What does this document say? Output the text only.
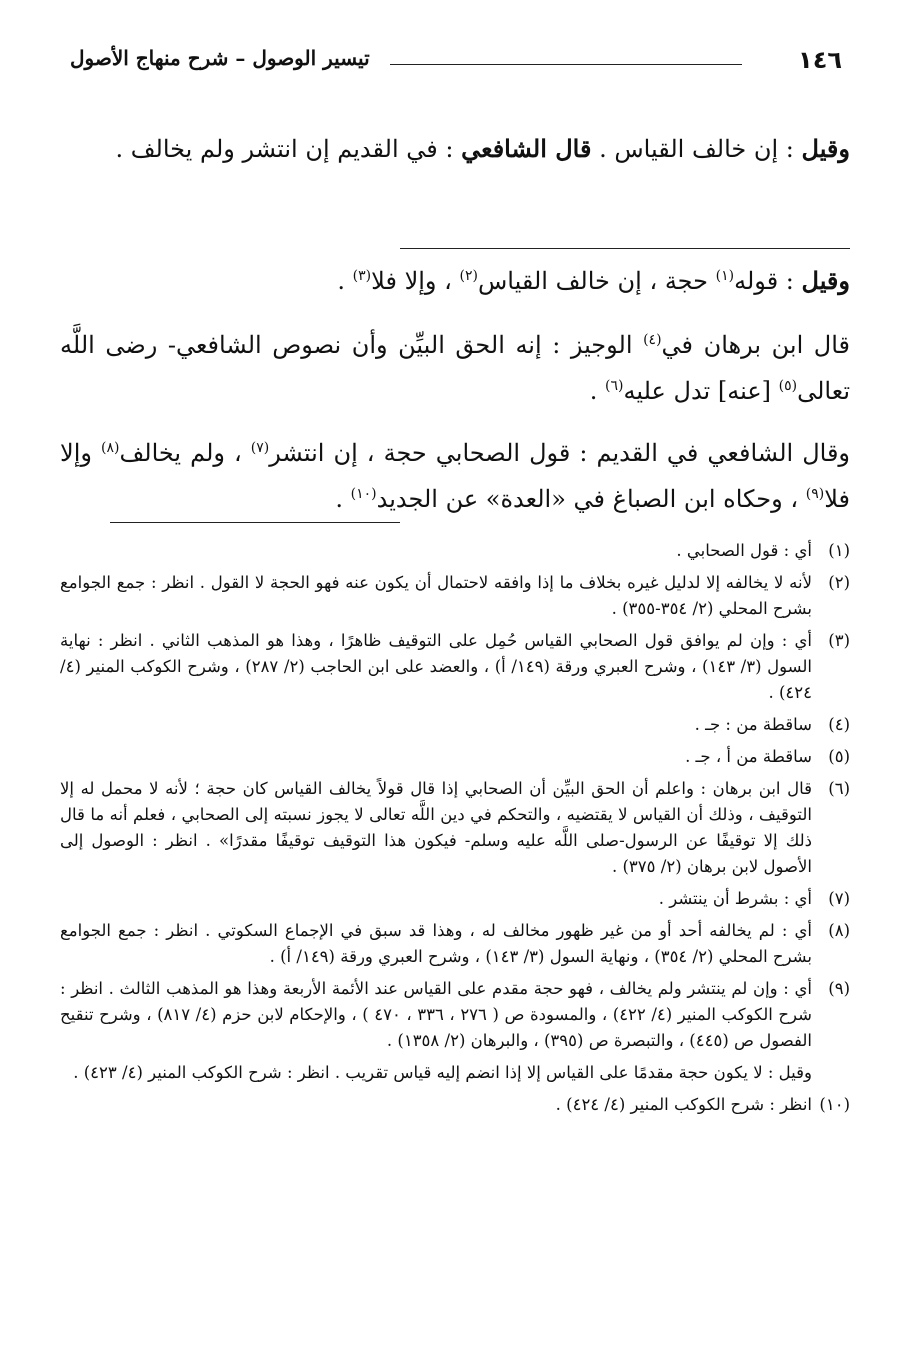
١٤٦
تيسير الوصول – شرح منهاج الأصول

وقيل : إن خالف القياس . قال الشافعي : في القديم إن انتشر ولم يخالف .

وقيل : قوله$^{(١)}$ حجة ، إن خالف القياس$^{(٢)}$ ، وإلا فلا$^{(٣)}$ .

قال ابن برهان في$^{(٤)}$ الوجيز : إنه الحق البيِّن وأن نصوص الشافعي- رضى اللَّه تعالى$^{(٥)}$ [عنه] تدل عليه$^{(٦)}$ .

وقال الشافعي في القديم : قول الصحابي حجة ، إن انتشر$^{(٧)}$ ، ولم يخالف$^{(٨)}$ وإلا فلا$^{(٩)}$ ، وحكاه ابن الصباغ في «العدة» عن الجديد$^{(١٠)}$ .

(١)
أي : قول الصحابي .
(٢)
لأنه لا يخالفه إلا لدليل غيره بخلاف ما إذا وافقه لاحتمال أن يكون عنه فهو الحجة لا القول . انظر : جمع الجوامع بشرح المحلي (٢/ ٣٥٤-٣٥٥) .
(٣)
أي : وإن لم يوافق قول الصحابي القياس حُمِل على التوقيف ظاهرًا ، وهذا هو المذهب الثاني . انظر : نهاية السول (٣/ ١٤٣) ، وشرح العبري ورقة (١٤٩/ أ) ، والعضد على ابن الحاجب (٢/ ٢٨٧) ، وشرح الكوكب المنير (٤/ ٤٢٤) .
(٤)
ساقطة من : جـ .
(٥)
ساقطة من أ ، جـ .
(٦)
قال ابن برهان : واعلم أن الحق البيِّن أن الصحابي إذا قال قولاً يخالف القياس كان حجة ؛ لأنه لا محمل له إلا التوقيف ، وذلك أن القياس لا يقتضيه ، والتحكم في دين اللَّه تعالى لا يجوز نسبته إلى الصحابي ، فعلم أنه ما قال ذلك إلا توقيفًا عن الرسول-صلى اللَّه عليه وسلم- فيكون هذا التوقيف توقيفًا مقدرًا» . انظر : الوصول إلى الأصول لابن برهان (٢/ ٣٧٥) .
(٧)
أي : بشرط أن ينتشر .
(٨)
أي : لم يخالفه أحد أو من غير ظهور مخالف له ، وهذا قد سبق في الإجماع السكوتي . انظر : جمع الجوامع بشرح المحلي (٢/ ٣٥٤) ، ونهاية السول (٣/ ١٤٣) ، وشرح العبري ورقة (١٤٩/ أ) .
(٩)
أي : وإن لم ينتشر ولم يخالف ، فهو حجة مقدم على القياس عند الأئمة الأربعة وهذا هو المذهب الثالث . انظر : شرح الكوكب المنير (٤/ ٤٢٢) ، والمسودة ص ( ٢٧٦ ، ٣٣٦ ، ٤٧٠ ) ، والإحكام لابن حزم (٤/ ٨١٧) ، وشرح تنقيح الفصول ص (٤٤٥) ، والتبصرة ص (٣٩٥) ، والبرهان (٢/ ١٣٥٨) .
وقيل : لا يكون حجة مقدمًا على القياس إلا إذا انضم إليه قياس تقريب . انظر : شرح الكوكب المنير (٤/ ٤٢٣) .
(١٠)
انظر : شرح الكوكب المنير (٤/ ٤٢٤) .
